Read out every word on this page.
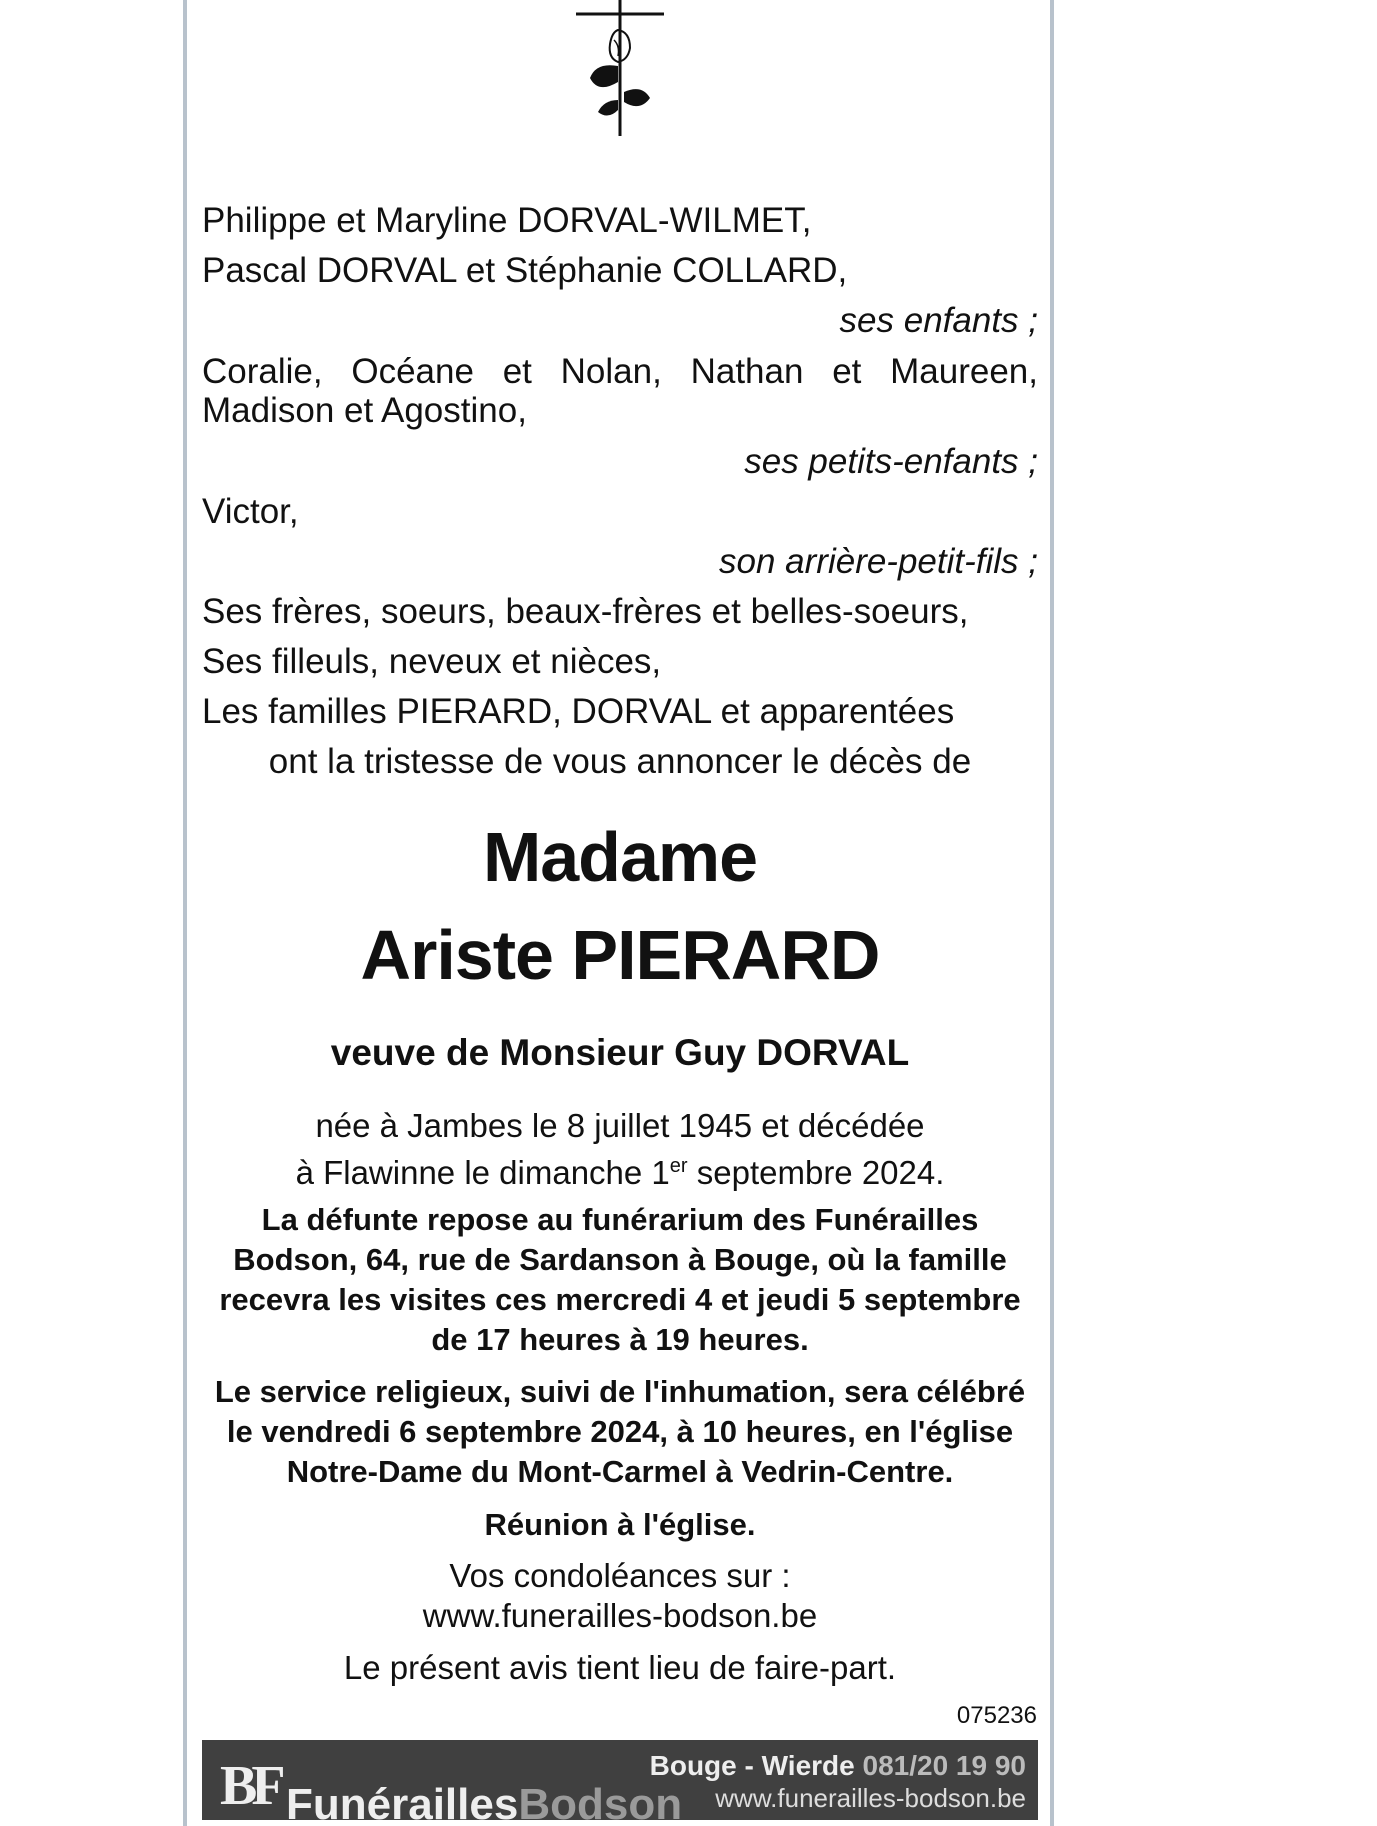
Philippe et Maryline DORVAL-WILMET,

Pascal DORVAL et Stéphanie COLLARD,

ses enfants ;

Coralie, Océane et Nolan, Nathan et Maureen, Madison et Agostino,

ses petits-enfants ;

Victor,

son arrière-petit-fils ;

Ses frères, soeurs, beaux-frères et belles-soeurs,

Ses filleuls, neveux et nièces,

Les familles PIERARD, DORVAL et apparentées

ont la tristesse de vous annoncer le décès de

Madame

Ariste PIERARD

veuve de Monsieur Guy DORVAL

née à Jambes le 8 juillet 1945 et décédée

à Flawinne le dimanche 1er septembre 2024.

La défunte repose au funérarium des Funérailles Bodson, 64, rue de Sardanson à Bouge, où la famille recevra les visites ces mercredi 4 et jeudi 5 septembre de 17 heures à 19 heures.

Le service religieux, suivi de l'inhumation, sera célébré le vendredi 6 septembre 2024, à 10 heures, en l'église Notre-Dame du Mont-Carmel à Vedrin-Centre.

Réunion à l'église.

Vos condoléances sur :

www.funerailles-bodson.be

Le présent avis tient lieu de faire-part.

075236
BF FunéraillesBodson
Bouge - Wierde 081/20 19 90
www.funerailles-bodson.be
